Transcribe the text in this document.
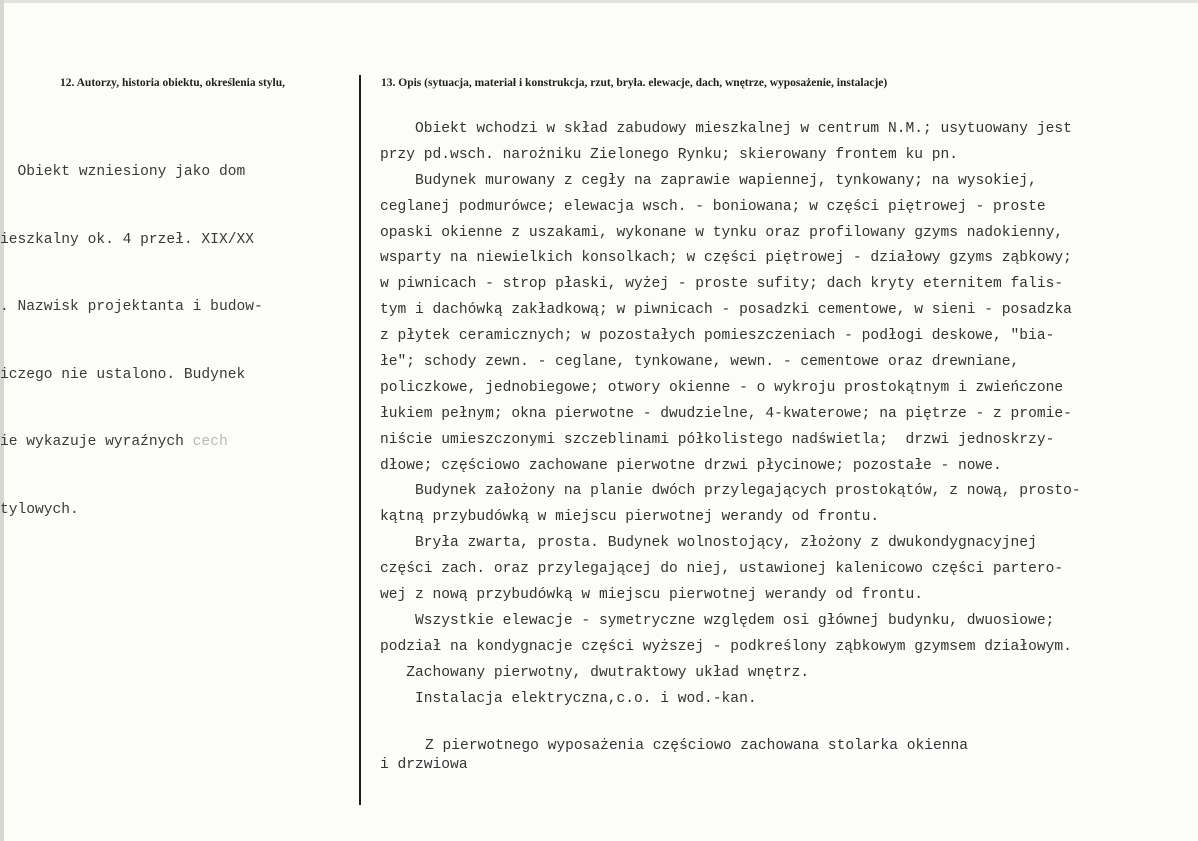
12. Autorzy, historia obiektu, określenia stylu,	13. Opis (sytuacja, materiał i konstrukcja, rzut, bryła. elewacje, dach, wnętrze, wyposażenie, instalacje)

Obiekt wzniesiony jako dom

ieszkalny ok. 4 przeł. XIX/XX

. Nazwisk projektanta i budow-

iczego nie ustalono. Budynek

ie wykazuje wyraźnych cech

tylowych.

Obiekt wchodzi w skład zabudowy mieszkalnej w centrum N.M.; usytuowany jest
przy pd.wsch. narożniku Zielonego Rynku; skierowany frontem ku pn.
Budynek murowany z cegły na zaprawie wapiennej, tynkowany; na wysokiej,
ceglanej podmurówce; elewacja wsch. - boniowana; w części piętrowej - proste
opaski okienne z uszakami, wykonane w tynku oraz profilowany gzyms nadokienny,
wsparty na niewielkich konsolkach; w części piętrowej - działowy gzyms ząbkowy;
w piwnicach - strop płaski, wyżej - proste sufity; dach kryty eternitem falis-
tym i dachówką zakładkową; w piwnicach - posadzki cementowe, w sieni - posadzka
z płytek ceramicznych; w pozostałych pomieszczeniach - podłogi deskowe, "bia-
łe"; schody zewn. - ceglane, tynkowane, wewn. - cementowe oraz drewniane,
policzkowe, jednobiegowe; otwory okienne - o wykroju prostokątnym i zwieńczone
łukiem pełnym; okna pierwotne - dwudzielne, 4-kwaterowe; na piętrze - z promie-
niście umieszczonymi szczeblinami półkolistego nadświetla;  drzwi jednoskrzy-
dłowe; częściowo zachowane pierwotne drzwi płycinowe; pozostałe - nowe.
Budynek założony na planie dwóch przylegających prostokątów, z nową, prosto-
kątną przybudówką w miejscu pierwotnej werandy od frontu.
Bryła zwarta, prosta. Budynek wolnostojący, złożony z dwukondygnacyjnej
części zach. oraz przylegającej do niej, ustawionej kalenicowo części partero-
wej z nową przybudówką w miejscu pierwotnej werandy od frontu.
Wszystkie elewacje - symetryczne względem osi głównej budynku, dwuosiowe;
podział na kondygnacje części wyższej - podkreślony ząbkowym gzymsem działowym.
Zachowany pierwotny, dwutraktowy układ wnętrz.
Instalacja elektryczna,c.o. i wod.-kan.
Z pierwotnego wyposażenia częściowo zachowana stolarka okienna
i drzwiowa
